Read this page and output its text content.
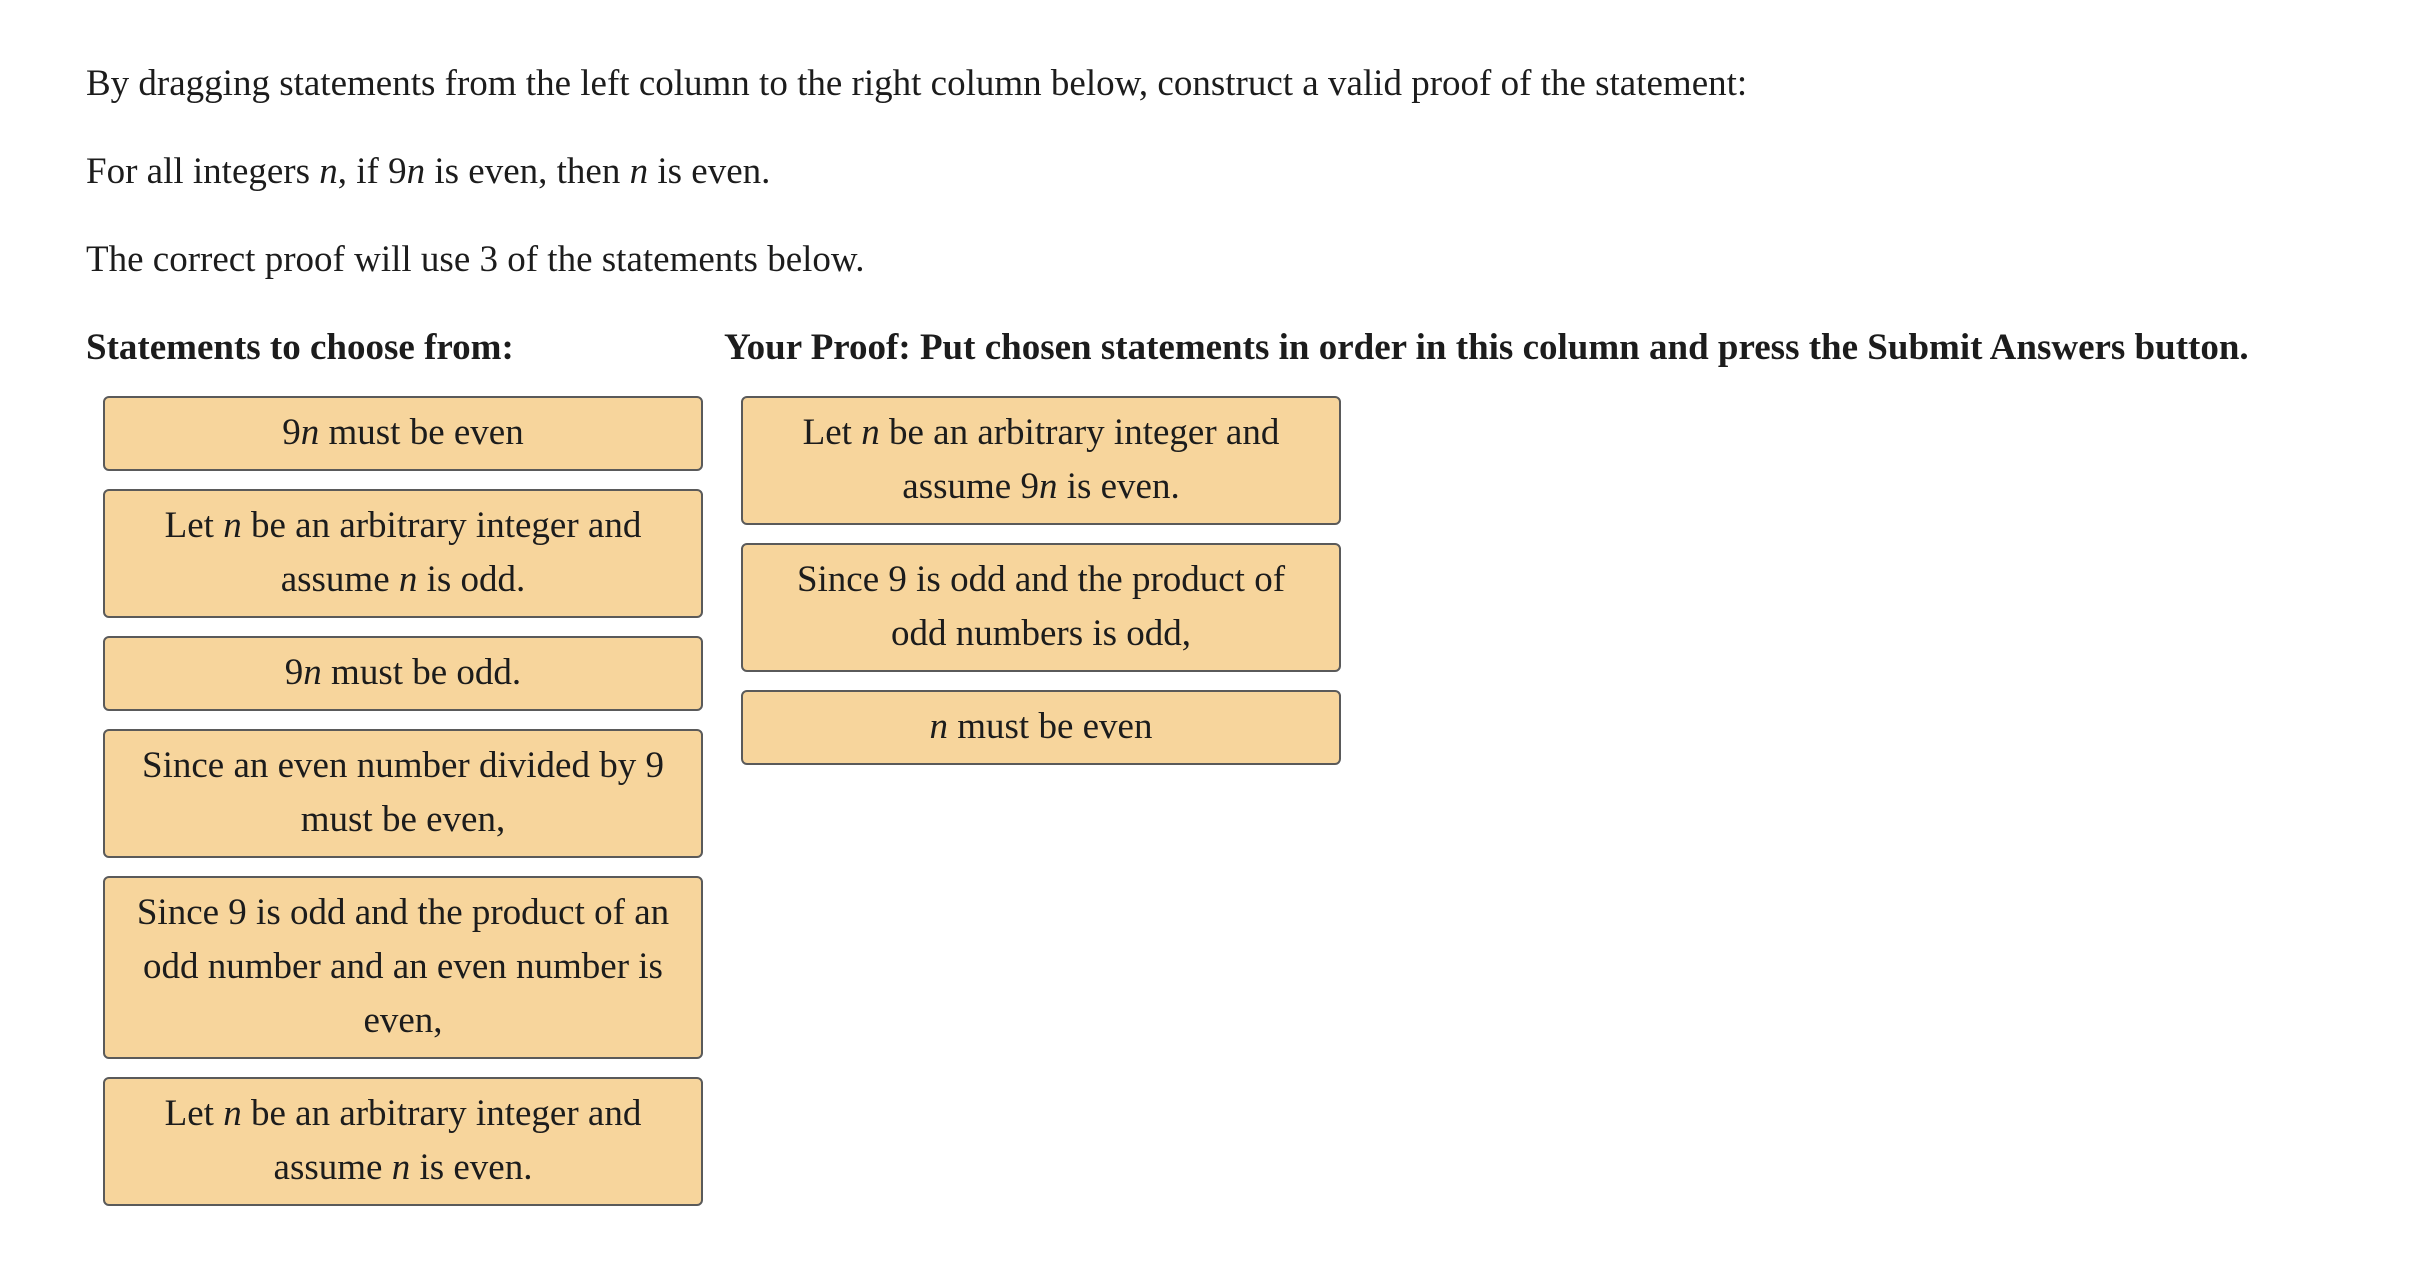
By dragging statements from the left column to the right column below, construct a valid proof of the statement:

For all integers n, if 9n is even, then n is even.

The correct proof will use 3 of the statements below.

Statements to choose from:	Your Proof: Put chosen statements in order in this column and press the Submit Answers button.
9n must be even
Let n be an arbitrary integer and assume n is odd.
9n must be odd.
Since an even number divided by 9 must be even,
Since 9 is odd and the product of an odd number and an even number is even,
Let n be an arbitrary integer and assume n is even.
Let n be an arbitrary integer and assume 9n is even.
Since 9 is odd and the product of odd numbers is odd,
n must be even
